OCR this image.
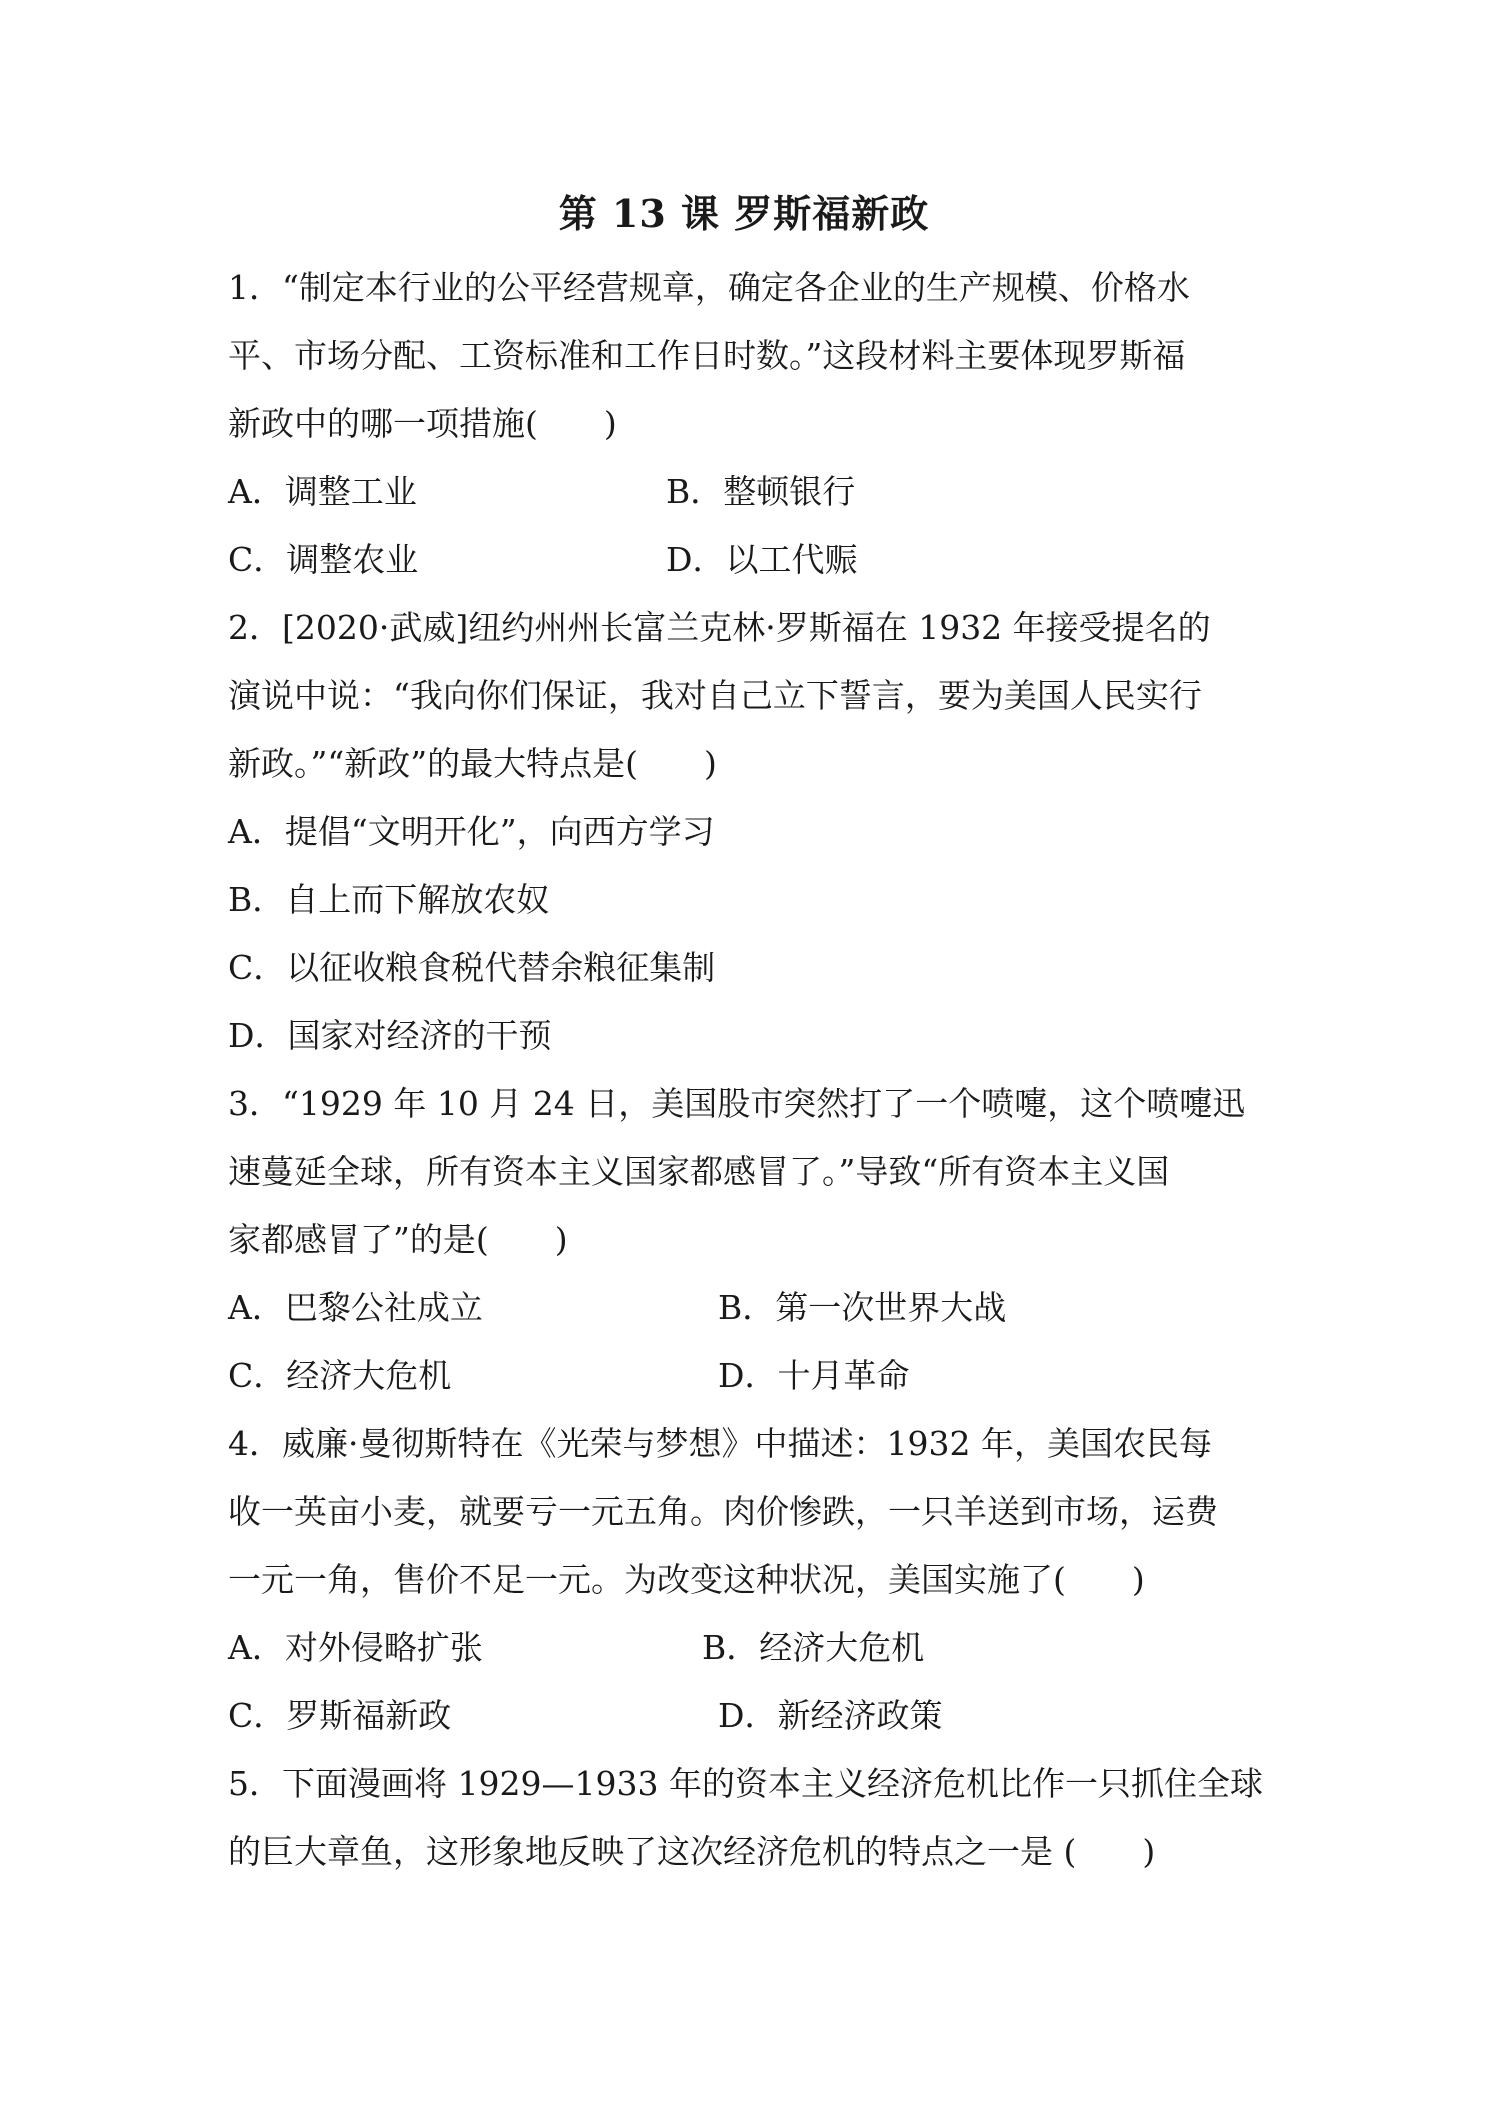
第 13 课 罗斯福新政
1．“制定本行业的公平经营规章，确定各企业的生产规模、价格水
平、市场分配、工资标准和工作日时数。”这段材料主要体现罗斯福
新政中的哪一项措施(　　)
A．调整工业	B．整顿银行
C．调整农业	D．以工代赈
2．[2020·武威]纽约州州长富兰克林·罗斯福在 1932 年接受提名的
演说中说：“我向你们保证，我对自己立下誓言，要为美国人民实行
新政。”“新政”的最大特点是(　　)
A．提倡“文明开化”，向西方学习
B．自上而下解放农奴
C．以征收粮食税代替余粮征集制
D．国家对经济的干预
3．“1929 年 10 月 24 日，美国股市突然打了一个喷嚏，这个喷嚏迅
速蔓延全球，所有资本主义国家都感冒了。”导致“所有资本主义国
家都感冒了”的是(　　)
A．巴黎公社成立	B．第一次世界大战
C．经济大危机	D．十月革命
4．威廉·曼彻斯特在《光荣与梦想》中描述：1932 年，美国农民每
收一英亩小麦，就要亏一元五角。肉价惨跌，一只羊送到市场，运费
一元一角，售价不足一元。为改变这种状况，美国实施了(　　)
A．对外侵略扩张	B．经济大危机
C．罗斯福新政	D．新经济政策
5．下面漫画将 1929—1933 年的资本主义经济危机比作一只抓住全球
的巨大章鱼，这形象地反映了这次经济危机的特点之一是 (　　)
